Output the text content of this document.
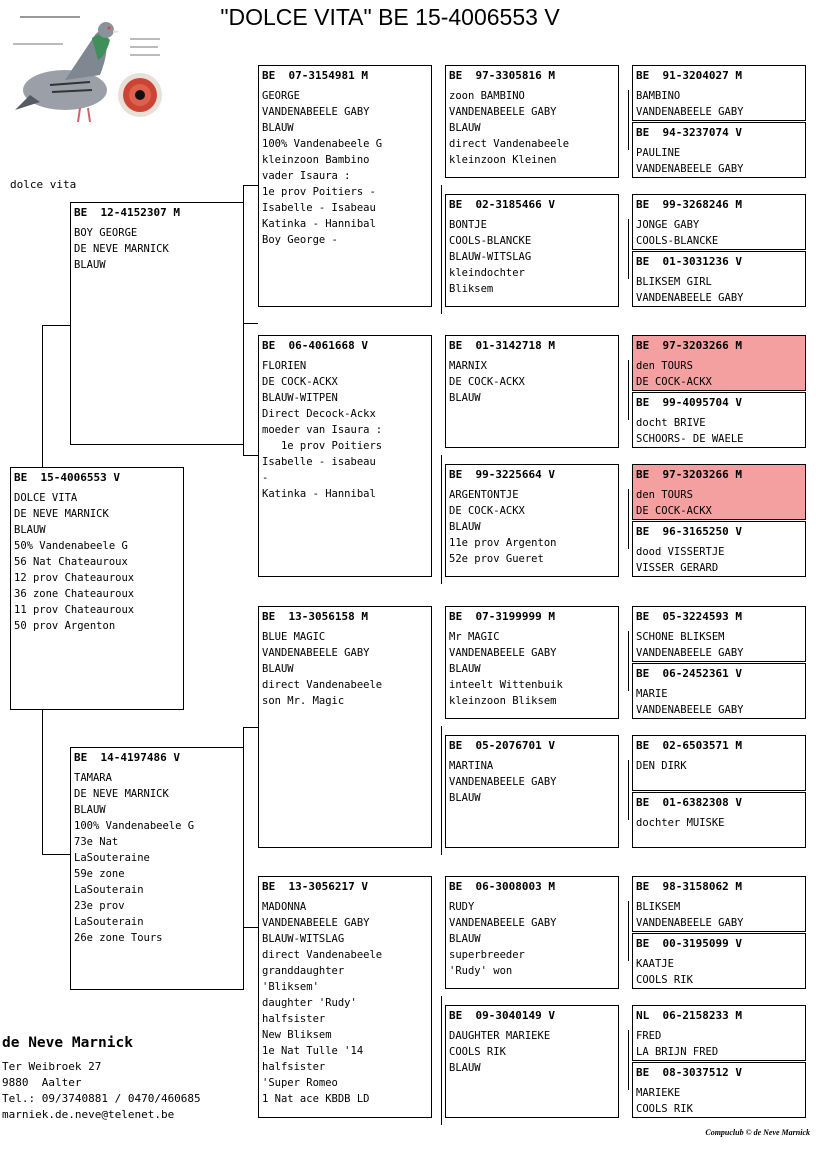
"DOLCE VITA" BE 15-4006553 V
dolce vita
BE  15-4006553 V
DOLCE VITA
DE NEVE MARNICK
BLAUW
50% Vandenabeele G
56 Nat Chateauroux
12 prov Chateauroux
36 zone Chateauroux
11 prov Chateauroux
50 prov Argenton
BE  12-4152307 M
BOY GEORGE
DE NEVE MARNICK
BLAUW
BE  14-4197486 V
TAMARA
DE NEVE MARNICK
BLAUW
100% Vandenabeele G
73e Nat
LaSouteraine
59e zone
LaSouterain
23e prov
LaSouterain
26e zone Tours
BE  07-3154981 M
GEORGE
VANDENABEELE GABY
BLAUW
100% Vandenabeele G
kleinzoon Bambino
vader Isaura :
1e prov Poitiers -
Isabelle - Isabeau
Katinka - Hannibal
Boy George -
BE  06-4061668 V
FLORIEN
DE COCK-ACKX
BLAUW-WITPEN
Direct Decock-Ackx
moeder van Isaura :
1e prov Poitiers
Isabelle - isabeau
-
Katinka - Hannibal
BE  13-3056158 M
BLUE MAGIC
VANDENABEELE GABY
BLAUW
direct Vandenabeele
son Mr. Magic
BE  13-3056217 V
MADONNA
VANDENABEELE GABY
BLAUW-WITSLAG
direct Vandenabeele
granddaughter
'Bliksem'
daughter 'Rudy'
halfsister
New Bliksem
1e Nat Tulle '14
halfsister
'Super Romeo
1 Nat ace KBDB LD
BE  97-3305816 M
zoon BAMBINO
VANDENABEELE GABY
BLAUW
direct Vandenabeele
kleinzoon Kleinen
BE  02-3185466 V
BONTJE
COOLS-BLANCKE
BLAUW-WITSLAG
kleindochter
Bliksem
BE  01-3142718 M
MARNIX
DE COCK-ACKX
BLAUW
BE  99-3225664 V
ARGENTONTJE
DE COCK-ACKX
BLAUW
11e prov Argenton
52e prov Gueret
BE  07-3199999 M
Mr MAGIC
VANDENABEELE GABY
BLAUW
inteelt Wittenbuik
kleinzoon Bliksem
BE  05-2076701 V
MARTINA
VANDENABEELE GABY
BLAUW
BE  06-3008003 M
RUDY
VANDENABEELE GABY
BLAUW
superbreeder
'Rudy' won
BE  09-3040149 V
DAUGHTER MARIEKE
COOLS RIK
BLAUW
BE  91-3204027 M
BAMBINO
VANDENABEELE GABY
BE  94-3237074 V
PAULINE
VANDENABEELE GABY
BE  99-3268246 M
JONGE GABY
COOLS-BLANCKE
BE  01-3031236 V
BLIKSEM GIRL
VANDENABEELE GABY
BE  97-3203266 M
den TOURS
DE COCK-ACKX
BE  99-4095704 V
docht BRIVE
SCHOORS- DE WAELE
BE  97-3203266 M
den TOURS
DE COCK-ACKX
BE  96-3165250 V
dood VISSERTJE
VISSER GERARD
BE  05-3224593 M
SCHONE BLIKSEM
VANDENABEELE GABY
BE  06-2452361 V
MARIE
VANDENABEELE GABY
BE  02-6503571 M
DEN DIRK
BE  01-6382308 V
dochter MUISKE
BE  98-3158062 M
BLIKSEM
VANDENABEELE GABY
BE  00-3195099 V
KAATJE
COOLS RIK
NL  06-2158233 M
FRED
LA BRIJN FRED
BE  08-3037512 V
MARIEKE
COOLS RIK
de Neve Marnick
Ter Weibroek 27
9880  Aalter
Tel.: 09/3740881 / 0470/460685
marniek.de.neve@telenet.be
Compuclub © de Neve Marnick
